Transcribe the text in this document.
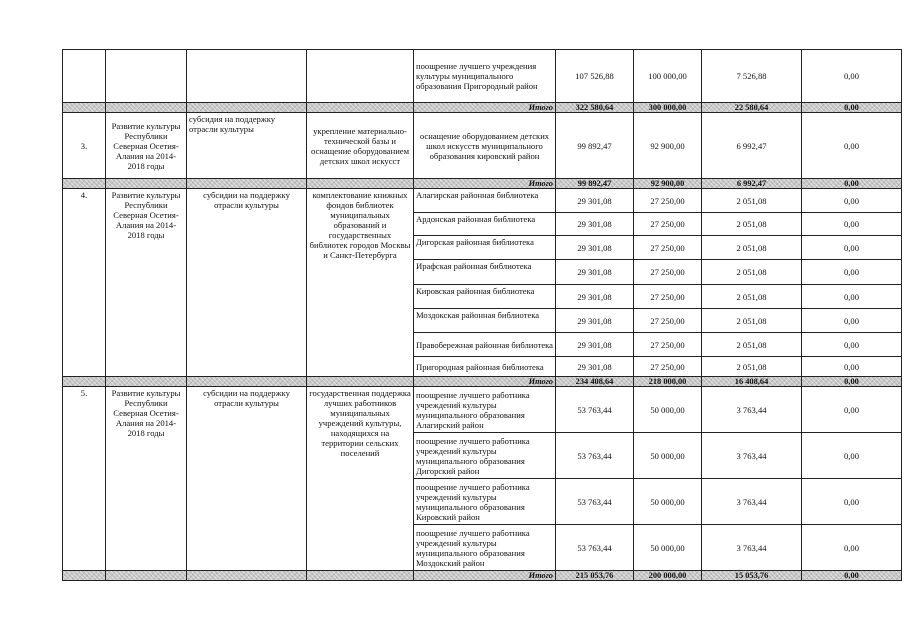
				поощрение лучшего учреждения культуры муниципального образования Пригородный район	107 526,88	100 000,00	7 526,88	0,00
				Итого	322 580,64	300 000,00	22 580,64	0,00
3.	Развитие культуры Республики Северная Осетия-Алания на 2014-2018 годы	субсидия на поддержку отрасли культуры	укрепление материально-технической базы и оснащение оборудованием детских школ искусст	оснащение оборудованием детских школ искусств муниципального образования кировский район	99 892,47	92 900,00	6 992,47	0,00
				Итого	99 892,47	92 900,00	6 992,47	0,00
4.	Развитие культуры Республики Северная Осетия-Алания на 2014-2018 годы	субсидии на поддержку отрасли культуры	комплектование книжных фондов библиотек муниципальных образований и государственных библиотек городов Москвы и Санкт-Петербурга	Алагирская районная библиотека	29 301,08	27 250,00	2 051,08	0,00
				Ардонская районная библиотека	29 301,08	27 250,00	2 051,08	0,00
				Дигорская районная библиотека	29 301,08	27 250,00	2 051,08	0,00
				Ирафская районная библиотека	29 301,08	27 250,00	2 051,08	0,00
				Кировская районная библиотека	29 301,08	27 250,00	2 051,08	0,00
				Моздокская районная библиотека	29 301,08	27 250,00	2 051,08	0,00
				Правобережная районная библиотека	29 301,08	27 250,00	2 051,08	0,00
				Пригородная районная библиотека	29 301,08	27 250,00	2 051,08	0,00
				Итого	234 408,64	218 000,00	16 408,64	0,00
5.	Развитие культуры Республики Северная Осетия-Алания на 2014-2018 годы	субсидии на поддержку отрасли культуры	государственная поддержка лучших работников муниципальных учреждений культуры, находящихся на территории сельских поселений	поощрение лучшего работника учреждений культуры муниципального образования Алагирский район	53 763,44	50 000,00	3 763,44	0,00
				поощрение лучшего работника учреждений культуры муниципального образования Дигорский район	53 763,44	50 000,00	3 763,44	0,00
				поощрение лучшего работника учреждений культуры муниципального образования Кировский район	53 763,44	50 000,00	3 763,44	0,00
				поощрение лучшего работника учреждений культуры муниципального образования Моздокский район	53 763,44	50 000,00	3 763,44	0,00
				Итого	215 053,76	200 000,00	15 053,76	0,00
